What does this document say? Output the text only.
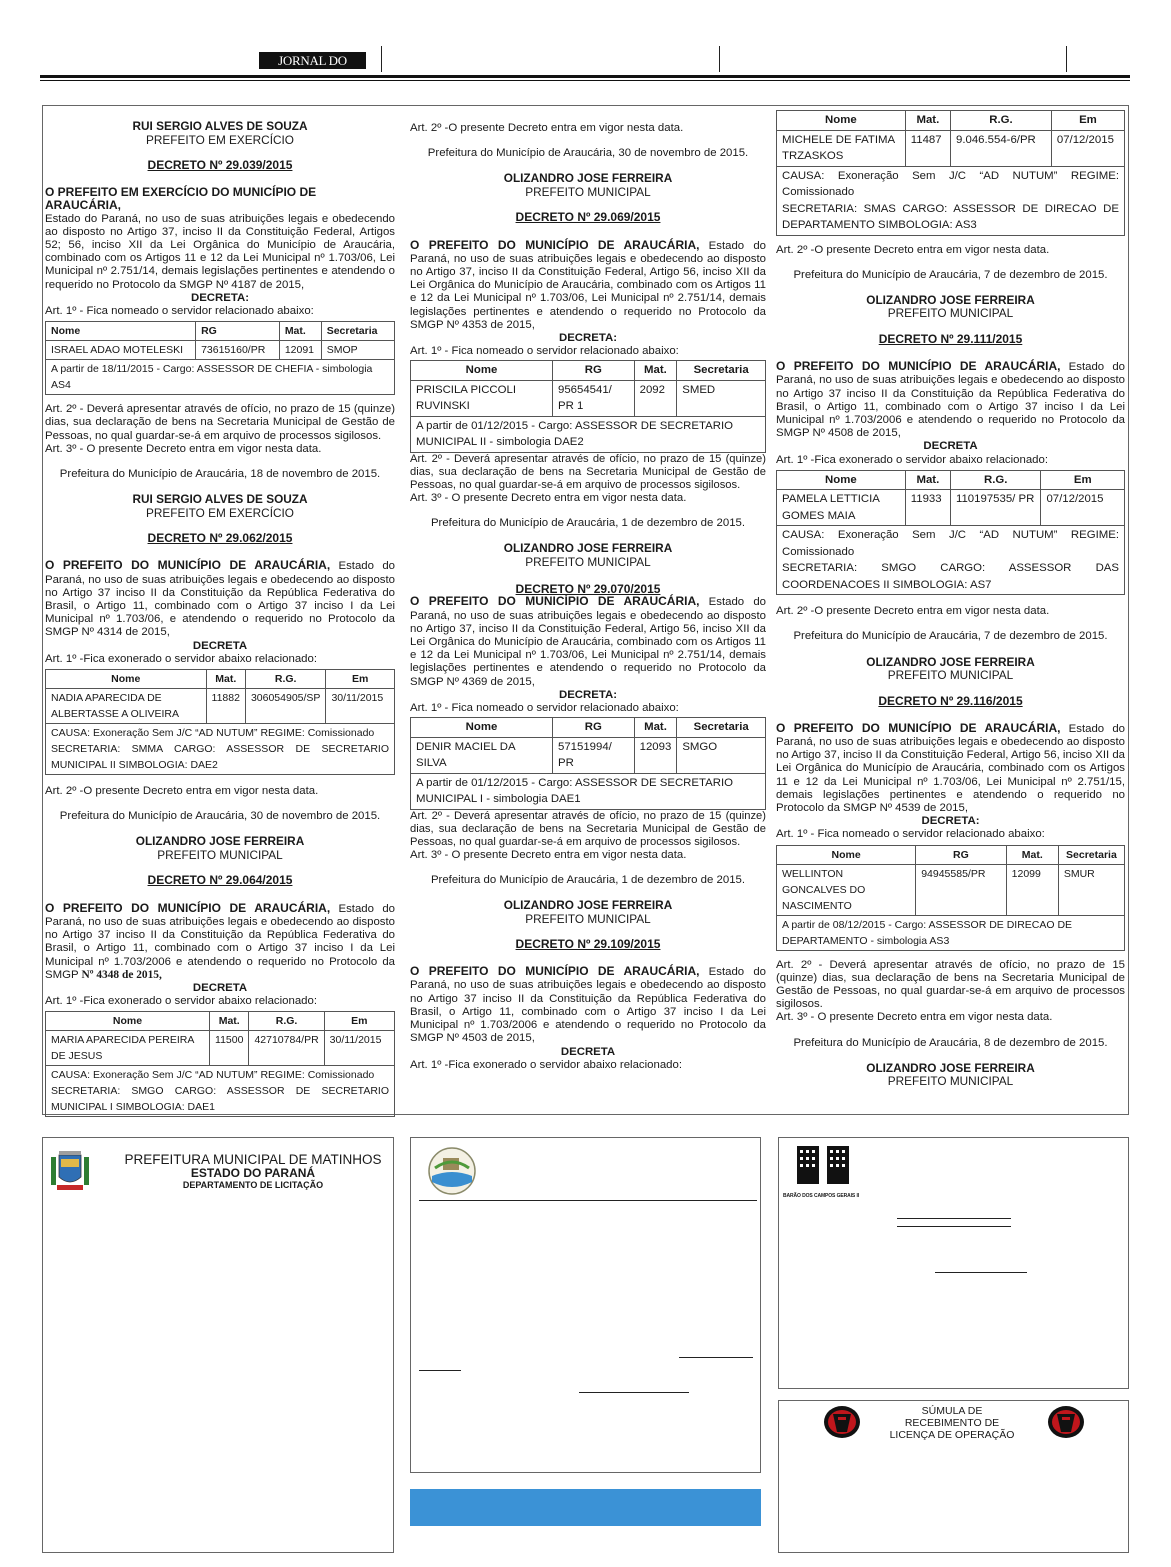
JORNAL DO

RUI SERGIO ALVES DE SOUZA

PREFEITO EM EXERCÍCIO

DECRETO Nº 29.039/2015

O PREFEITO EM EXERCÍCIO DO MUNICÍPIO DE ARAUCÁRIA,

Estado do Paraná, no uso de suas atribuições legais e obedecendo ao disposto no Artigo 37, inciso II da Constituição Federal, Artigos 52; 56, inciso XII da Lei Orgânica do Município de Araucária, combinado com os Artigos 11 e 12 da Lei Municipal nº 1.703/06, Lei Municipal nº 2.751/14, demais legislações pertinentes e atendendo o requerido no Protocolo da SMGP Nº 4187 de 2015,

DECRETA:

Art. 1º - Fica nomeado o servidor relacionado abaixo:

Nome	RG	Mat.	Secretaria
ISRAEL ADAO MOTELESKI	73615160/PR	12091	SMOP
A partir de 18/11/2015 - Cargo: ASSESSOR DE CHEFIA - simbologia AS4			

Art. 2º - Deverá apresentar através de ofício, no prazo de 15 (quinze) dias, sua declaração de bens na Secretaria Municipal de Gestão de Pessoas, no qual guardar-se-á em arquivo de processos sigilosos.

Art. 3º - O presente Decreto entra em vigor nesta data.

Prefeitura do Município de Araucária, 18 de novembro de 2015.

RUI SERGIO ALVES DE SOUZA

PREFEITO EM EXERCÍCIO

DECRETO Nº 29.062/2015

O PREFEITO DO MUNICÍPIO DE ARAUCÁRIA, Estado do Paraná, no uso de suas atribuições legais e obedecendo ao disposto no Artigo 37 inciso II da Constituição da República Federativa do Brasil, o Artigo 11, combinado com o Artigo 37 inciso I da Lei Municipal nº 1.703/06, e atendendo o requerido no Protocolo da SMGP Nº 4314 de 2015,

DECRETA

Art. 1º -Fica exonerado o servidor abaixo relacionado:

Nome	Mat.	R.G.	Em
NADIA APARECIDA DE ALBERTASSE A OLIVEIRA	11882	306054905/SP	30/11/2015
CAUSA: Exoneração Sem J/C “AD NUTUM” REGIME: Comissionado
SECRETARIA: SMMA CARGO: ASSESSOR DE SECRETARIO MUNICIPAL II SIMBOLOGIA: DAE2			

Art. 2º -O presente Decreto entra em vigor nesta data.

Prefeitura do Município de Araucária, 30 de novembro de 2015.

OLIZANDRO JOSE FERREIRA

PREFEITO MUNICIPAL

DECRETO Nº 29.064/2015

O PREFEITO DO MUNICÍPIO DE ARAUCÁRIA, Estado do Paraná, no uso de suas atribuições legais e obedecendo ao disposto no Artigo 37 inciso II da Constituição da República Federativa do Brasil, o Artigo 11, combinado com o Artigo 37 inciso I da Lei Municipal nº 1.703/2006 e atendendo o requerido no Protocolo da SMGP Nº 4348 de 2015,

DECRETA

Art. 1º -Fica exonerado o servidor abaixo relacionado:

Nome	Mat.	R.G.	Em
MARIA APARECIDA PEREIRA DE JESUS	11500	42710784/PR	30/11/2015
CAUSA: Exoneração Sem J/C “AD NUTUM” REGIME: Comissionado
SECRETARIA: SMGO CARGO: ASSESSOR DE SECRETARIO MUNICIPAL I SIMBOLOGIA: DAE1			

Art. 2º -O presente Decreto entra em vigor nesta data.

Prefeitura do Município de Araucária, 30 de novembro de 2015.

OLIZANDRO JOSE FERREIRA

PREFEITO MUNICIPAL

DECRETO Nº 29.069/2015

O PREFEITO DO MUNICÍPIO DE ARAUCÁRIA, Estado do Paraná, no uso de suas atribuições legais e obedecendo ao disposto no Artigo 37, inciso II da Constituição Federal, Artigo 56, inciso XII da Lei Orgânica do Município de Araucária, combinado com os Artigos 11 e 12 da Lei Municipal nº 1.703/06, Lei Municipal nº 2.751/14, demais legislações pertinentes e atendendo o requerido no Protocolo da SMGP Nº 4353 de 2015,

DECRETA:

Art. 1º - Fica nomeado o servidor relacionado abaixo:

Nome	RG	Mat.	Secretaria
PRISCILA PICCOLI RUVINSKI	95654541/ PR 1	2092	SMED
A partir de 01/12/2015 - Cargo: ASSESSOR DE SECRETARIO MUNICIPAL II - simbologia DAE2			

Art. 2º - Deverá apresentar através de ofício, no prazo de 15 (quinze) dias, sua declaração de bens na Secretaria Municipal de Gestão de Pessoas, no qual guardar-se-á em arquivo de processos sigilosos.

Art. 3º - O presente Decreto entra em vigor nesta data.

Prefeitura do Município de Araucária, 1 de dezembro de 2015.

OLIZANDRO JOSE FERREIRA

PREFEITO MUNICIPAL

DECRETO Nº 29.070/2015

O PREFEITO DO MUNICÍPIO DE ARAUCÁRIA, Estado do Paraná, no uso de suas atribuições legais e obedecendo ao disposto no Artigo 37, inciso II da Constituição Federal, Artigo 56, inciso XII da Lei Orgânica do Município de Araucária, combinado com os Artigos 11 e 12 da Lei Municipal nº 1.703/06, Lei Municipal nº 2.751/14, demais legislações pertinentes e atendendo o requerido no Protocolo da SMGP Nº 4369 de 2015,

DECRETA:

Art. 1º - Fica nomeado o servidor relacionado abaixo:

Nome	RG	Mat.	Secretaria
DENIR MACIEL DA SILVA	57151994/ PR	12093	SMGO
A partir de 01/12/2015 - Cargo: ASSESSOR DE SECRETARIO MUNICIPAL I - simbologia DAE1			

Art. 2º - Deverá apresentar através de ofício, no prazo de 15 (quinze) dias, sua declaração de bens na Secretaria Municipal de Gestão de Pessoas, no qual guardar-se-á em arquivo de processos sigilosos.

Art. 3º - O presente Decreto entra em vigor nesta data.

Prefeitura do Município de Araucária, 1 de dezembro de 2015.

OLIZANDRO JOSE FERREIRA

PREFEITO MUNICIPAL

DECRETO Nº 29.109/2015

O PREFEITO DO MUNICÍPIO DE ARAUCÁRIA, Estado do Paraná, no uso de suas atribuições legais e obedecendo ao disposto no Artigo 37 inciso II da Constituição da República Federativa do Brasil, o Artigo 11, combinado com o Artigo 37 inciso I da Lei Municipal nº 1.703/2006 e atendendo o requerido no Protocolo da SMGP Nº 4503 de 2015,

DECRETA

Art. 1º -Fica exonerado o servidor abaixo relacionado:

Nome	Mat.	R.G.	Em
MICHELE DE FATIMA TRZASKOS	11487	9.046.554-6/PR	07/12/2015
CAUSA: Exoneração Sem J/C “AD NUTUM” REGIME: Comissionado
SECRETARIA: SMAS CARGO: ASSESSOR DE DIRECAO DE DEPARTAMENTO SIMBOLOGIA: AS3			

Art. 2º -O presente Decreto entra em vigor nesta data.

Prefeitura do Município de Araucária, 7 de dezembro de 2015.

OLIZANDRO JOSE FERREIRA

PREFEITO MUNICIPAL

DECRETO Nº 29.111/2015

O PREFEITO DO MUNICÍPIO DE ARAUCÁRIA, Estado do Paraná, no uso de suas atribuições legais e obedecendo ao disposto no Artigo 37 inciso II da Constituição da República Federativa do Brasil, o Artigo 11, combinado com o Artigo 37 inciso I da Lei Municipal nº 1.703/2006 e atendendo o requerido no Protocolo da SMGP Nº 4508 de 2015,

DECRETA

Art. 1º -Fica exonerado o servidor abaixo relacionado:

Nome	Mat.	R.G.	Em
PAMELA LETTICIA GOMES MAIA	11933	110197535/ PR	07/12/2015
CAUSA: Exoneração Sem J/C “AD NUTUM” REGIME: Comissionado
SECRETARIA: SMGO CARGO: ASSESSOR DAS COORDENACOES II SIMBOLOGIA: AS7			

Art. 2º -O presente Decreto entra em vigor nesta data.

Prefeitura do Município de Araucária, 7 de dezembro de 2015.

OLIZANDRO JOSE FERREIRA

PREFEITO MUNICIPAL

DECRETO Nº 29.116/2015

O PREFEITO DO MUNICÍPIO DE ARAUCÁRIA, Estado do Paraná, no uso de suas atribuições legais e obedecendo ao disposto no Artigo 37, inciso II da Constituição Federal, Artigo 56, inciso XII da Lei Orgânica do Município de Araucária, combinado com os Artigos 11 e 12 da Lei Municipal nº 1.703/06, Lei Municipal nº 2.751/15, demais legislações pertinentes e atendendo o requerido no Protocolo da SMGP Nº 4539 de 2015,

DECRETA:

Art. 1º - Fica nomeado o servidor relacionado abaixo:

Nome	RG	Mat.	Secretaria
WELLINTON GONCALVES DO NASCIMENTO	94945585/PR	12099	SMUR
A partir de 08/12/2015 - Cargo: ASSESSOR DE DIRECAO DE DEPARTAMENTO - simbologia AS3			

Art. 2º - Deverá apresentar através de ofício, no prazo de 15 (quinze) dias, sua declaração de bens na Secretaria Municipal de Gestão de Pessoas, no qual guardar-se-á em arquivo de processos sigilosos.

Art. 3º - O presente Decreto entra em vigor nesta data.

Prefeitura do Município de Araucária, 8 de dezembro de 2015.

OLIZANDRO JOSE FERREIRA

PREFEITO MUNICIPAL

PREFEITURA MUNICIPAL DE MATINHOS
ESTADO DO PARANÁ
DEPARTAMENTO DE LICITAÇÃO
BARÃO DOS CAMPOS GERAIS II
SÚMULA DE RECEBIMENTO DE LICENÇA DE OPERAÇÃO
